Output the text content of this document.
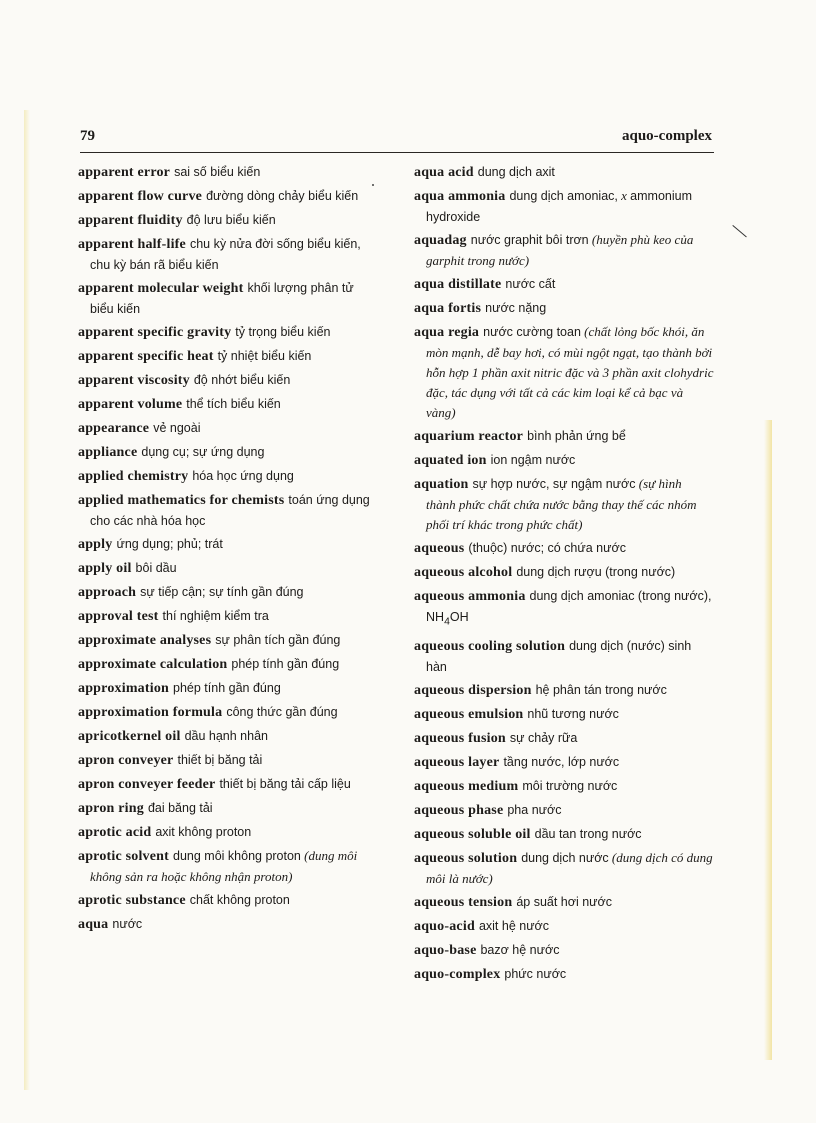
79	aquo-complex

apparent error sai số biểu kiến

apparent flow curve đường dòng chảy biểu kiến

apparent fluidity độ lưu biểu kiến

apparent half-life chu kỳ nửa đời sống biểu kiến, chu kỳ bán rã biểu kiến

apparent molecular weight khối lượng phân tử biểu kiến

apparent specific gravity tỷ trọng biểu kiến

apparent specific heat tỷ nhiệt biểu kiến

apparent viscosity độ nhớt biểu kiến

apparent volume thể tích biểu kiến

appearance vẻ ngoài

appliance dụng cụ; sự ứng dụng

applied chemistry hóa học ứng dụng

applied mathematics for chemists toán ứng dụng cho các nhà hóa học

apply ứng dụng; phủ; trát

apply oil bôi dầu

approach sự tiếp cận; sự tính gần đúng

approval test thí nghiệm kiểm tra

approximate analyses sự phân tích gần đúng

approximate calculation phép tính gần đúng

approximation phép tính gần đúng

approximation formula công thức gần đúng

apricotkernel oil dầu hạnh nhân

apron conveyer thiết bị băng tải

apron conveyer feeder thiết bị băng tải cấp liệu

apron ring đai băng tải

aprotic acid axit không proton

aprotic solvent dung môi không proton (dung môi không sản ra hoặc không nhận proton)

aprotic substance chất không proton

aqua nước

aqua acid dung dịch axit

aqua ammonia dung dịch amoniac, x ammonium hydroxide

aquadag nước graphit bôi trơn (huyền phù keo của garphit trong nước)

aqua distillate nước cất

aqua fortis nước nặng

aqua regia nước cường toan (chất lỏng bốc khói, ăn mòn mạnh, dễ bay hơi, có mùi ngột ngạt, tạo thành bởi hỗn hợp 1 phần axit nitric đặc và 3 phần axit clohydric đặc, tác dụng với tất cả các kim loại kể cả bạc và vàng)

aquarium reactor bình phản ứng bể

aquated ion ion ngậm nước

aquation sự hợp nước, sự ngậm nước (sự hình thành phức chất chứa nước bằng thay thế các nhóm phối trí khác trong phức chất)

aqueous (thuộc) nước; có chứa nước

aqueous alcohol dung dịch rượu (trong nước)

aqueous ammonia dung dịch amoniac (trong nước), $NH_4OH$

aqueous cooling solution dung dịch (nước) sinh hàn

aqueous dispersion hệ phân tán trong nước

aqueous emulsion nhũ tương nước

aqueous fusion sự chảy rữa

aqueous layer tầng nước, lớp nước

aqueous medium môi trường nước

aqueous phase pha nước

aqueous soluble oil dầu tan trong nước

aqueous solution dung dịch nước (dung dịch có dung môi là nước)

aqueous tension áp suất hơi nước

aquo-acid axit hệ nước

aquo-base bazơ hệ nước

aquo-complex phức nước
